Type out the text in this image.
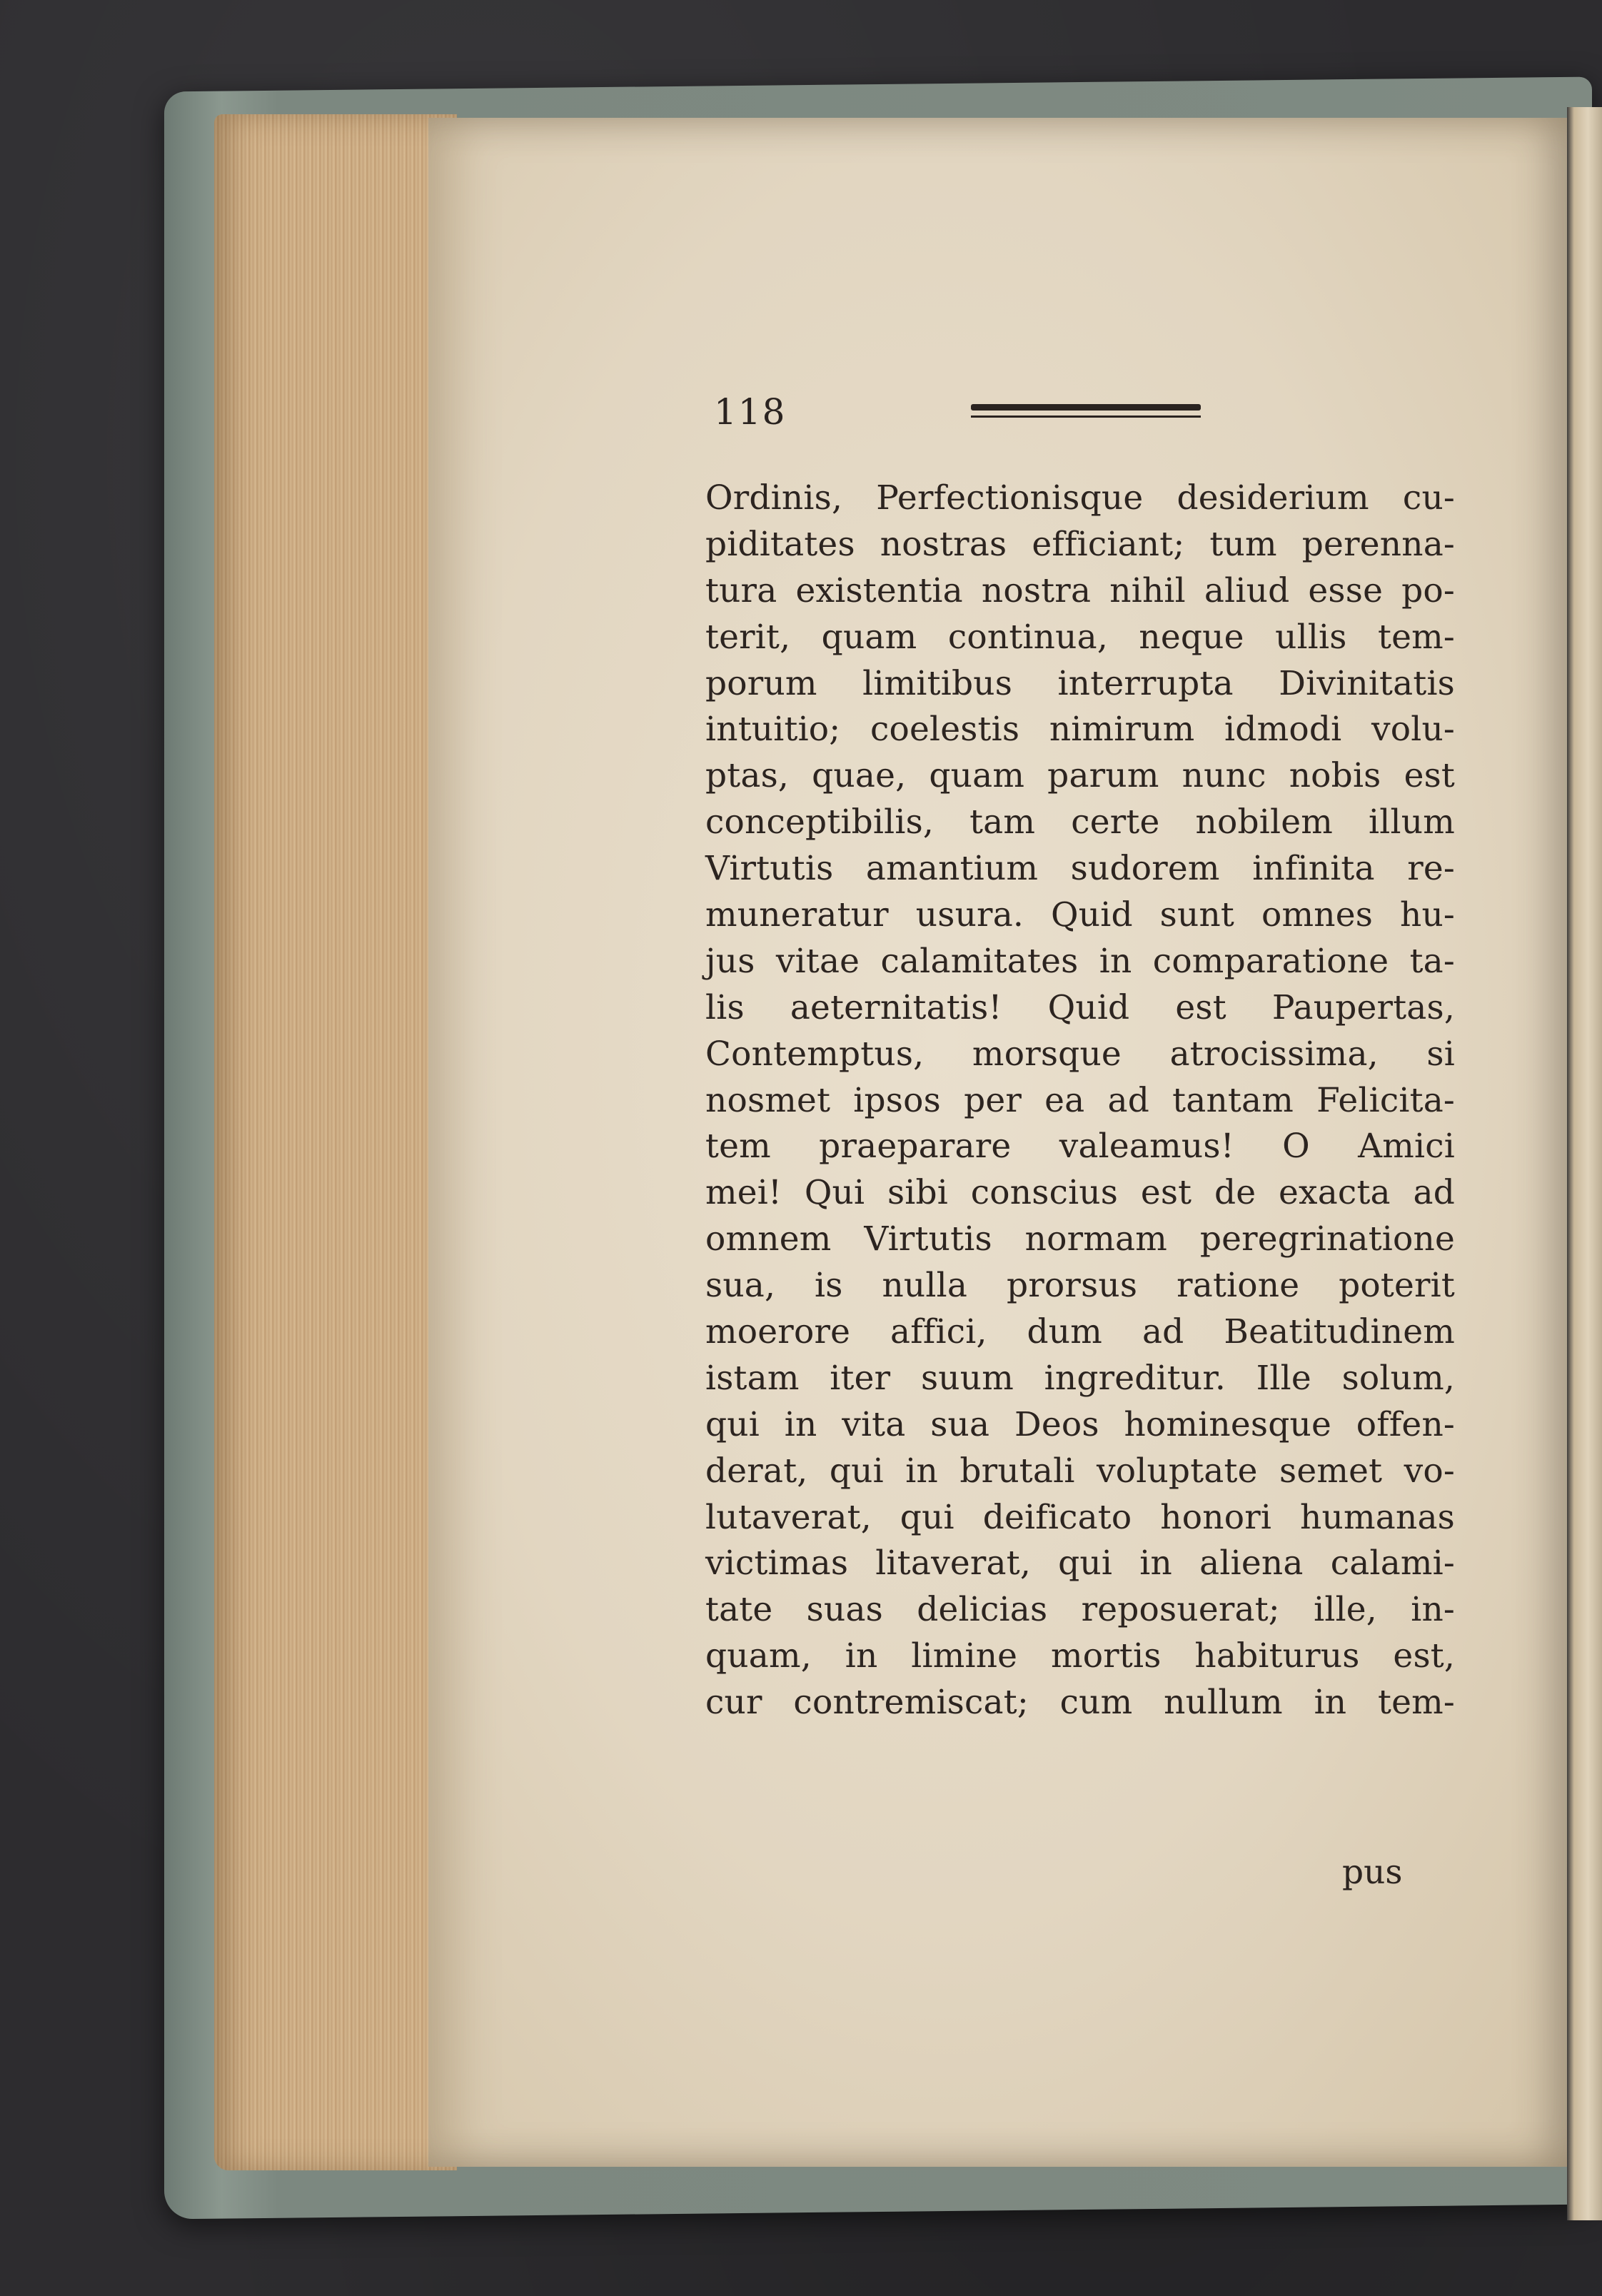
118
Ordinis, Perfectionisque desiderium cu-
piditates nostras efficiant; tum perenna-
tura existentia nostra nihil aliud esse po-
terit, quam continua, neque ullis tem-
porum limitibus interrupta Divinitatis
intuitio; coelestis nimirum idmodi volu-
ptas, quae, quam parum nunc nobis est
conceptibilis, tam certe nobilem illum
Virtutis amantium sudorem infinita re-
muneratur usura. Quid sunt omnes hu-
jus vitae calamitates in comparatione ta-
lis aeternitatis! Quid est Paupertas,
Contemptus, morsque atrocissima, si
nosmet ipsos per ea ad tantam Felicita-
tem praeparare valeamus! O Amici
mei! Qui sibi conscius est de exacta ad
omnem Virtutis normam peregrinatione
sua, is nulla prorsus ratione poterit
moerore affici, dum ad Beatitudinem
istam iter suum ingreditur. Ille solum,
qui in vita sua Deos hominesque offen-
derat, qui in brutali voluptate semet vo-
lutaverat, qui deificato honori humanas
victimas litaverat, qui in aliena calami-
tate suas delicias reposuerat; ille, in-
quam, in limine mortis habiturus est,
cur contremiscat; cum nullum in tem-
pus
